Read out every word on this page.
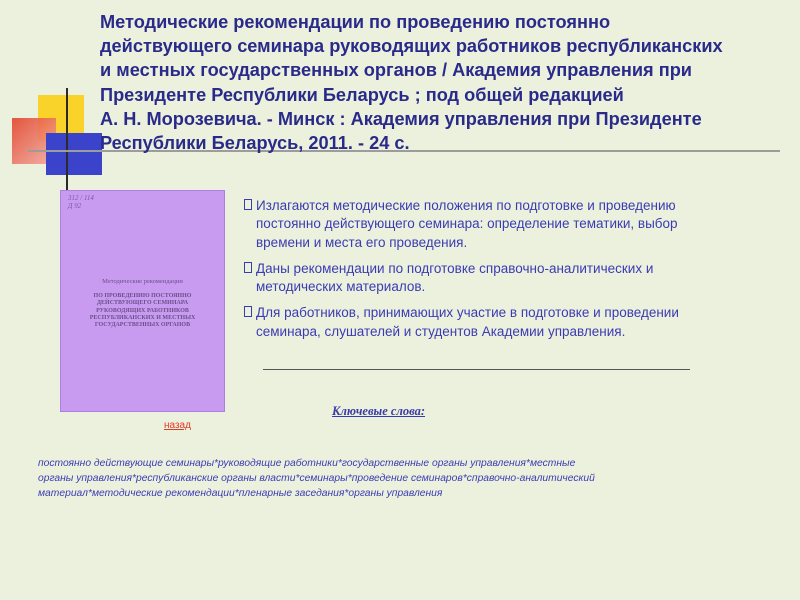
Методические рекомендации по проведению постоянно
действующего семинара руководящих работников республиканских
и местных государственных органов / Академия управления при
Президенте Республики Беларусь ; под общей редакцией
А. Н. Морозевича. - Минск : Академия управления при Президенте
Республики Беларусь, 2011. - 24 с.
312 / 114
Д 92
Методические рекомендации
ПО ПРОВЕДЕНИЮ ПОСТОЯННО
ДЕЙСТВУЮЩЕГО СЕМИНАРА
РУКОВОДЯЩИХ РАБОТНИКОВ
РЕСПУБЛИКАНСКИХ И МЕСТНЫХ
ГОСУДАРСТВЕННЫХ ОРГАНОВ
Излагаются методические положения по подготовке и проведению
постоянно действующего семинара: определение тематики, выбор
времени и места его проведения.
Даны рекомендации по подготовке справочно-аналитических и
методических материалов.
Для работников, принимающих участие в подготовке и проведении
семинара, слушателей и студентов Академии управления.

Ключевые слова:

назад
постоянно действующие семинары*руководящие работники*государственные органы управления*местные
органы управления*республиканские органы власти*семинары*проведение семинаров*справочно-аналитический
материал*методические рекомендации*пленарные заседания*органы управления
